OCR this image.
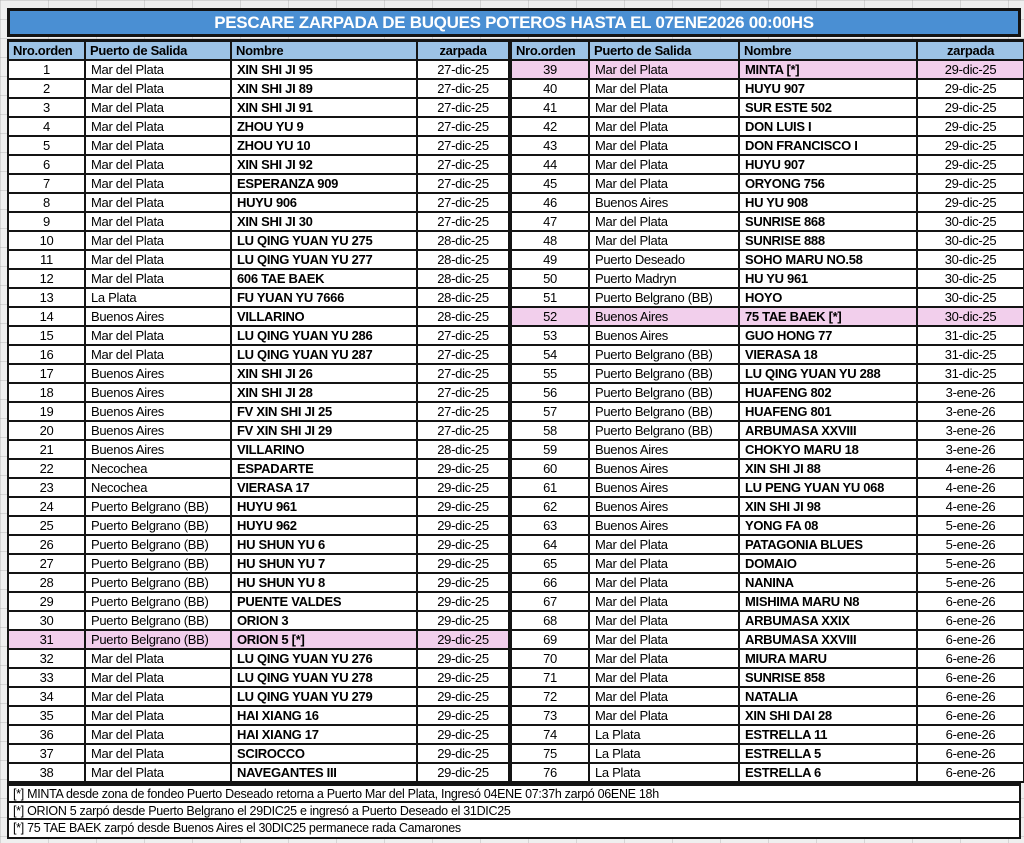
PESCARE ZARPADA DE BUQUES POTEROS HASTA EL 07ENE2026 00:00HS
Nro.orden	Puerto de Salida	Nombre	zarpada
1	Mar del Plata	XIN SHI JI 95	27-dic-25
2	Mar del Plata	XIN SHI JI 89	27-dic-25
3	Mar del Plata	XIN SHI JI 91	27-dic-25
4	Mar del Plata	ZHOU YU 9	27-dic-25
5	Mar del Plata	ZHOU YU 10	27-dic-25
6	Mar del Plata	XIN SHI JI 92	27-dic-25
7	Mar del Plata	ESPERANZA 909	27-dic-25
8	Mar del Plata	HUYU 906	27-dic-25
9	Mar del Plata	XIN SHI JI 30	27-dic-25
10	Mar del Plata	LU QING YUAN YU 275	28-dic-25
11	Mar del Plata	LU QING YUAN YU 277	28-dic-25
12	Mar del Plata	606 TAE BAEK	28-dic-25
13	La Plata	FU YUAN YU 7666	28-dic-25
14	Buenos Aires	VILLARINO	28-dic-25
15	Mar del Plata	LU QING YUAN YU 286	27-dic-25
16	Mar del Plata	LU QING YUAN YU 287	27-dic-25
17	Buenos Aires	XIN SHI JI 26	27-dic-25
18	Buenos Aires	XIN SHI JI 28	27-dic-25
19	Buenos Aires	FV XIN SHI JI 25	27-dic-25
20	Buenos Aires	FV XIN SHI JI 29	27-dic-25
21	Buenos Aires	VILLARINO	28-dic-25
22	Necochea	ESPADARTE	29-dic-25
23	Necochea	VIERASA 17	29-dic-25
24	Puerto Belgrano (BB)	HUYU 961	29-dic-25
25	Puerto Belgrano (BB)	HUYU 962	29-dic-25
26	Puerto Belgrano (BB)	HU SHUN YU 6	29-dic-25
27	Puerto Belgrano (BB)	HU SHUN YU 7	29-dic-25
28	Puerto Belgrano (BB)	HU SHUN YU 8	29-dic-25
29	Puerto Belgrano (BB)	PUENTE VALDES	29-dic-25
30	Puerto Belgrano (BB)	ORION 3	29-dic-25
31	Puerto Belgrano (BB)	ORION 5 [*]	29-dic-25
32	Mar del Plata	LU QING YUAN YU 276	29-dic-25
33	Mar del Plata	LU QING YUAN YU 278	29-dic-25
34	Mar del Plata	LU QING YUAN YU 279	29-dic-25
35	Mar del Plata	HAI XIANG 16	29-dic-25
36	Mar del Plata	HAI XIANG 17	29-dic-25
37	Mar del Plata	SCIROCCO	29-dic-25
38	Mar del Plata	NAVEGANTES III	29-dic-25
Nro.orden	Puerto de Salida	Nombre	zarpada
39	Mar del Plata	MINTA [*]	29-dic-25
40	Mar del Plata	HUYU 907	29-dic-25
41	Mar del Plata	SUR ESTE 502	29-dic-25
42	Mar del Plata	DON LUIS I	29-dic-25
43	Mar del Plata	DON FRANCISCO I	29-dic-25
44	Mar del Plata	HUYU 907	29-dic-25
45	Mar del Plata	ORYONG 756	29-dic-25
46	Buenos Aires	HU YU 908	29-dic-25
47	Mar del Plata	SUNRISE 868	30-dic-25
48	Mar del Plata	SUNRISE 888	30-dic-25
49	Puerto Deseado	SOHO MARU NO.58	30-dic-25
50	Puerto Madryn	HU YU 961	30-dic-25
51	Puerto Belgrano (BB)	HOYO	30-dic-25
52	Buenos Aires	75 TAE BAEK [*]	30-dic-25
53	Buenos Aires	GUO HONG 77	31-dic-25
54	Puerto Belgrano (BB)	VIERASA 18	31-dic-25
55	Puerto Belgrano (BB)	LU QING YUAN YU 288	31-dic-25
56	Puerto Belgrano (BB)	HUAFENG 802	3-ene-26
57	Puerto Belgrano (BB)	HUAFENG 801	3-ene-26
58	Puerto Belgrano (BB)	ARBUMASA XXVIII	3-ene-26
59	Buenos Aires	CHOKYO MARU 18	3-ene-26
60	Buenos Aires	XIN SHI JI 88	4-ene-26
61	Buenos Aires	LU PENG YUAN YU 068	4-ene-26
62	Buenos Aires	XIN SHI JI 98	4-ene-26
63	Buenos Aires	YONG FA 08	5-ene-26
64	Mar del Plata	PATAGONIA BLUES	5-ene-26
65	Mar del Plata	DOMAIO	5-ene-26
66	Mar del Plata	NANINA	5-ene-26
67	Mar del Plata	MISHIMA MARU N8	6-ene-26
68	Mar del Plata	ARBUMASA XXIX	6-ene-26
69	Mar del Plata	ARBUMASA XXVIII	6-ene-26
70	Mar del Plata	MIURA MARU	6-ene-26
71	Mar del Plata	SUNRISE 858	6-ene-26
72	Mar del Plata	NATALIA	6-ene-26
73	Mar del Plata	XIN SHI DAI 28	6-ene-26
74	La Plata	ESTRELLA 11	6-ene-26
75	La Plata	ESTRELLA 5	6-ene-26
76	La Plata	ESTRELLA 6	6-ene-26
[*] MINTA desde zona de fondeo Puerto Deseado retorna a Puerto Mar del Plata, Ingresó 04ENE 07:37h zarpó 06ENE 18h
[*] ORION 5 zarpó desde Puerto Belgrano el 29DIC25 e ingresó a Puerto Deseado el 31DIC25
[*] 75 TAE BAEK zarpó desde Buenos Aires el 30DIC25 permanece rada Camarones
